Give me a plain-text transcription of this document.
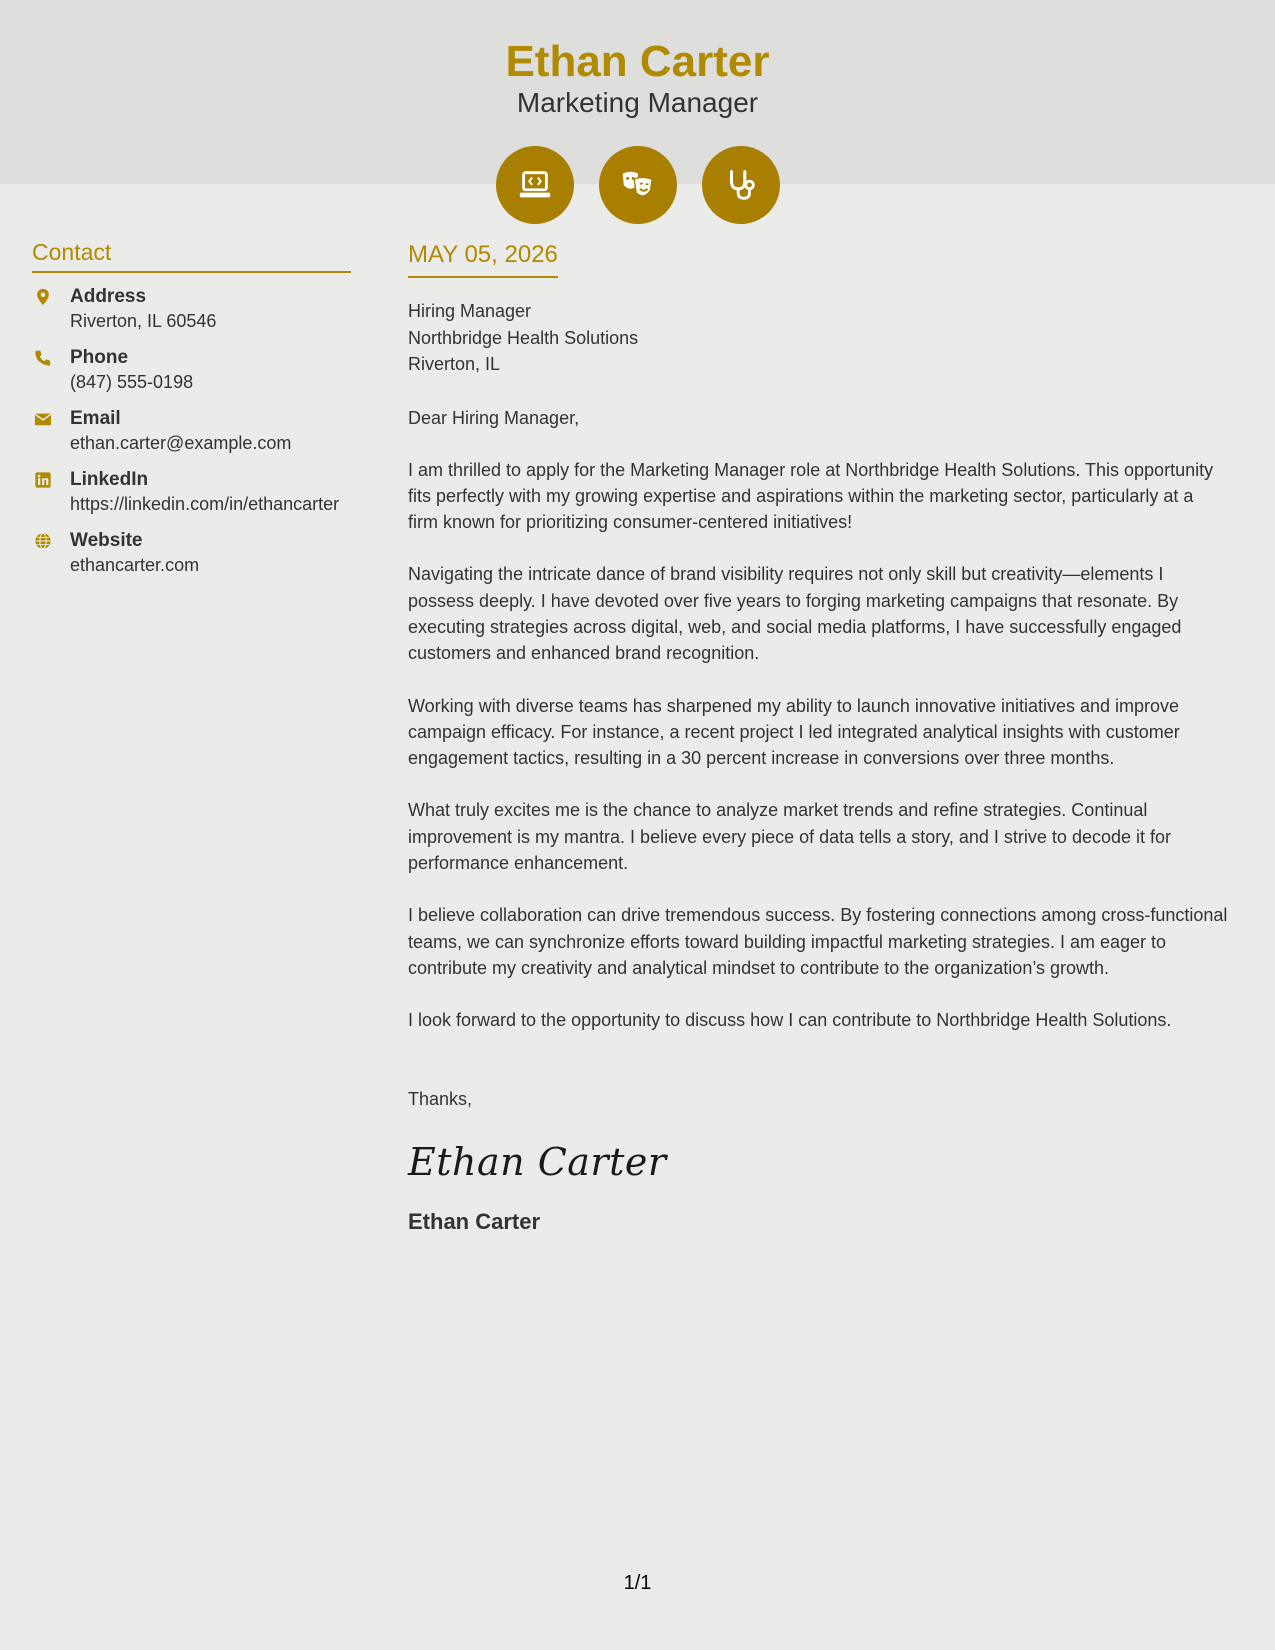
Ethan Carter
Marketing Manager
Contact
Address
Riverton, IL 60546
Phone
(847) 555-0198
Email
ethan.carter@example.com
LinkedIn
https://linkedin.com/in/ethancarter
Website
ethancarter.com
MAY 05, 2026
Hiring Manager
Northbridge Health Solutions
Riverton, IL
Dear Hiring Manager,
I am thrilled to apply for the Marketing Manager role at Northbridge Health Solutions. This opportunity fits perfectly with my growing expertise and aspirations within the marketing sector, particularly at a firm known for prioritizing consumer-centered initiatives!
Navigating the intricate dance of brand visibility requires not only skill but creativity—elements I possess deeply. I have devoted over five years to forging marketing campaigns that resonate. By executing strategies across digital, web, and social media platforms, I have successfully engaged customers and enhanced brand recognition.
Working with diverse teams has sharpened my ability to launch innovative initiatives and improve campaign efficacy. For instance, a recent project I led integrated analytical insights with customer engagement tactics, resulting in a 30 percent increase in conversions over three months.
What truly excites me is the chance to analyze market trends and refine strategies. Continual improvement is my mantra. I believe every piece of data tells a story, and I strive to decode it for performance enhancement.
I believe collaboration can drive tremendous success. By fostering connections among cross-functional teams, we can synchronize efforts toward building impactful marketing strategies. I am eager to contribute my creativity and analytical mindset to contribute to the organization’s growth.
I look forward to the opportunity to discuss how I can contribute to Northbridge Health Solutions.
Thanks,
Ethan Carter
Ethan Carter
1/1
